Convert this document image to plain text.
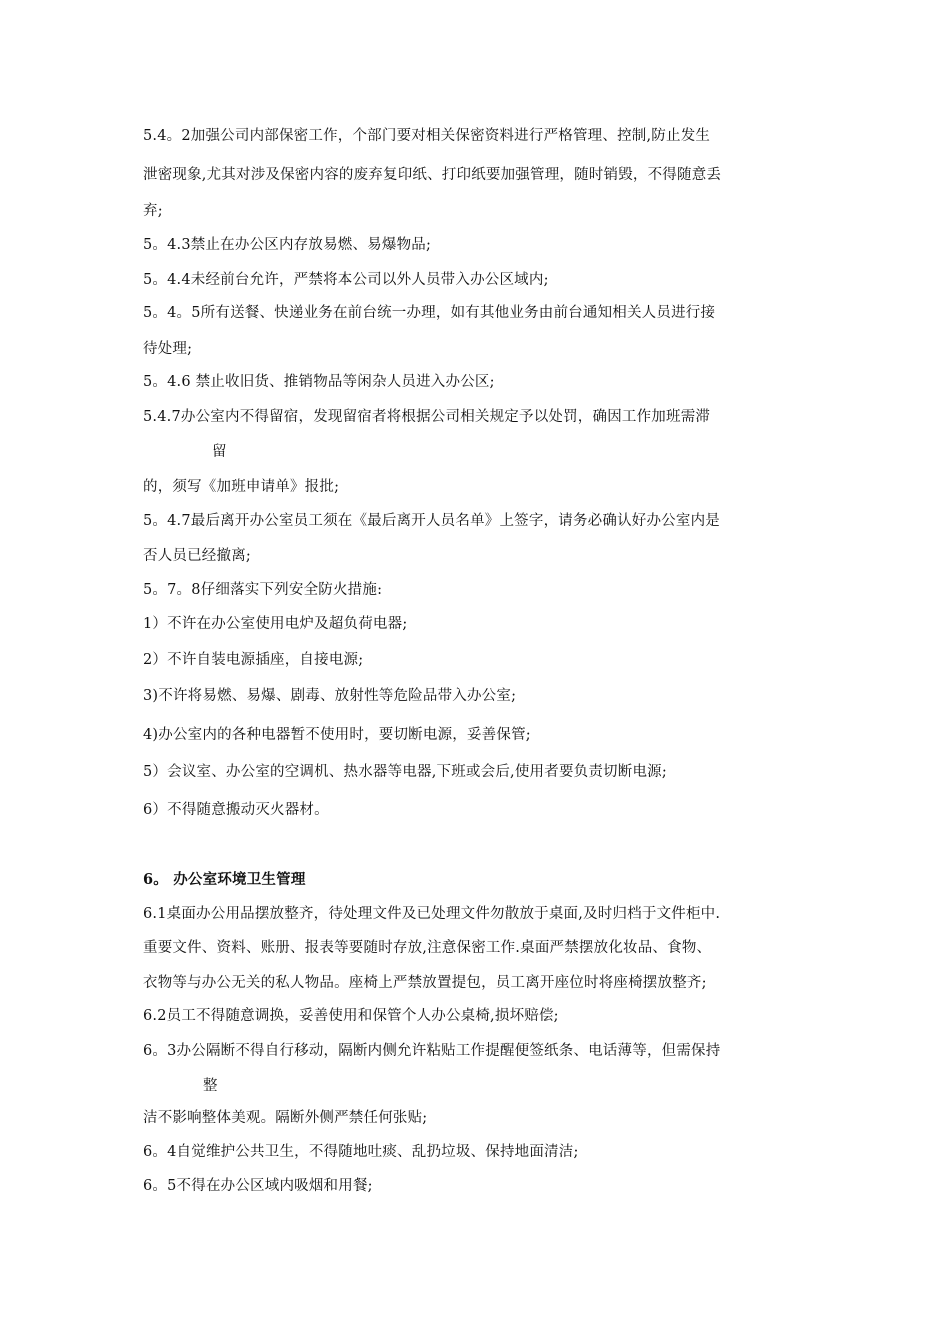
5.4。2加强公司内部保密工作，个部门要对相关保密资料进行严格管理、控制,防止发生
泄密现象,尤其对涉及保密内容的废弃复印纸、打印纸要加强管理，随时销毁，不得随意丢
弃;
5。4.3禁止在办公区内存放易燃、易爆物品;
5。4.4未经前台允许，严禁将本公司以外人员带入办公区域内;
5。4。5所有送餐、快递业务在前台统一办理，如有其他业务由前台通知相关人员进行接
待处理;
5。4.6 禁止收旧货、推销物品等闲杂人员进入办公区;
5.4.7办公室内不得留宿，发现留宿者将根据公司相关规定予以处罚，确因工作加班需滞
留
的，须写《加班申请单》报批;
5。4.7最后离开办公室员工须在《最后离开人员名单》上签字，请务必确认好办公室内是
否人员已经撤离;
5。7。8仔细落实下列安全防火措施:
1）不许在办公室使用电炉及超负荷电器;
2）不许自装电源插座，自接电源;
3)不许将易燃、易爆、剧毒、放射性等危险品带入办公室;
4)办公室内的各种电器暂不使用时，要切断电源，妥善保管;
5）会议室、办公室的空调机、热水器等电器,下班或会后,使用者要负责切断电源;
6）不得随意搬动灭火器材。
6。 办公室环境卫生管理
6.1桌面办公用品摆放整齐，待处理文件及已处理文件勿散放于桌面,及时归档于文件柜中.
重要文件、资料、账册、报表等要随时存放,注意保密工作.桌面严禁摆放化妆品、食物、
衣物等与办公无关的私人物品。座椅上严禁放置提包，员工离开座位时将座椅摆放整齐;
6.2员工不得随意调换，妥善使用和保管个人办公桌椅,损坏赔偿;
6。3办公隔断不得自行移动，隔断内侧允许粘贴工作提醒便签纸条、电话薄等，但需保持
整
洁不影响整体美观。隔断外侧严禁任何张贴;
6。4自觉维护公共卫生，不得随地吐痰、乱扔垃圾、保持地面清洁;
6。5不得在办公区域内吸烟和用餐;
